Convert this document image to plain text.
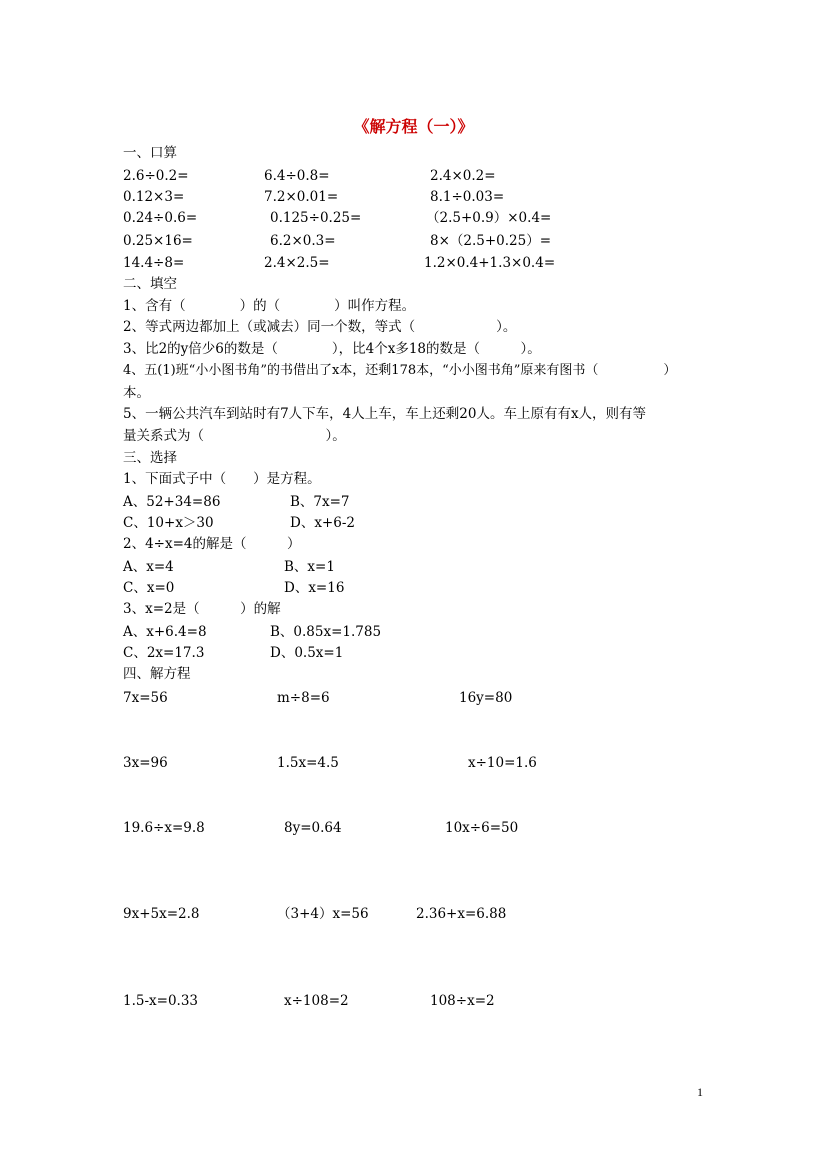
《解方程（一）》
一、口算
2.6÷0.2=	6.4÷0.8=	2.4×0.2=
0.12×3=	7.2×0.01=	8.1÷0.03=
0.24÷0.6=	0.125÷0.25=	（2.5+0.9）×0.4=
0.25×16=	6.2×0.3=	8×（2.5+0.25）=
14.4÷8=	2.4×2.5=	1.2×0.4+1.3×0.4=
二、填空
1、含有（　　　　）的（　　　　）叫作方程。
2、等式两边都加上（或减去）同一个数，等式（　　　　　　）。
3、比2的y倍少6的数是（　　　　），比4个x多18的数是（　　　）。
4、五(1)班“小小图书角”的书借出了x本，还剩178本，“小小图书角”原来有图书（　　　　　）
本。
5、一辆公共汽车到站时有7人下车，4人上车，车上还剩20人。车上原有有x人，则有等
量关系式为（　　　　　　　　　）。
三、选择
1、下面式子中（　　）是方程。
A、52+34=86	B、7x=7
C、10+x＞30	D、x+6-2
2、4÷x=4的解是（　　　）
A、x=4	B、x=1
C、x=0	D、x=16
3、x=2是（　　　）的解
A、x+6.4=8	B、0.85x=1.785
C、2x=17.3	D、0.5x=1
四、解方程
7x=56	m÷8=6	16y=80
3x=96	1.5x=4.5	x÷10=1.6
19.6÷x=9.8	8y=0.64	10x÷6=50
9x+5x=2.8	（3+4）x=56	2.36+x=6.88
1.5-x=0.33	x÷108=2	108÷x=2
1
